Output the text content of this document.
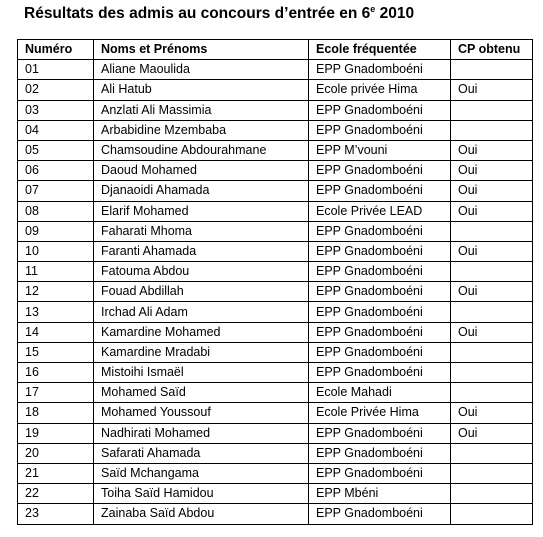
Résultats des admis au concours d’entrée en 6e 2010
Numéro	Noms et Prénoms	Ecole fréquentée	CP obtenu
01	Aliane Maoulida	EPP Gnadomboéni	
02	Ali Hatub	Ecole privée Hima	Oui
03	Anzlati Ali Massimia	EPP Gnadomboéni	
04	Arbabidine Mzembaba	EPP Gnadomboéni	
05	Chamsoudine Abdourahmane	EPP M’vouni	Oui
06	Daoud Mohamed	EPP Gnadomboéni	Oui
07	Djanaoidi Ahamada	EPP Gnadomboéni	Oui
08	Elarif Mohamed	Ecole Privée LEAD	Oui
09	Faharati Mhoma	EPP Gnadomboéni	
10	Faranti Ahamada	EPP Gnadomboéni	Oui
11	Fatouma Abdou	EPP Gnadomboéni	
12	Fouad Abdillah	EPP Gnadomboéni	Oui
13	Irchad Ali Adam	EPP Gnadomboéni	
14	Kamardine Mohamed	EPP Gnadomboéni	Oui
15	Kamardine Mradabi	EPP Gnadomboéni	
16	Mistoihi Ismaël	EPP Gnadomboéni	
17	Mohamed Saïd	Ecole Mahadi	
18	Mohamed Youssouf	Ecole Privée Hima	Oui
19	Nadhirati Mohamed	EPP Gnadomboéni	Oui
20	Safarati Ahamada	EPP Gnadomboéni	
21	Saïd Mchangama	EPP Gnadomboéni	
22	Toiha Saïd Hamidou	EPP Mbéni	
23	Zainaba Saïd Abdou	EPP Gnadomboéni	
